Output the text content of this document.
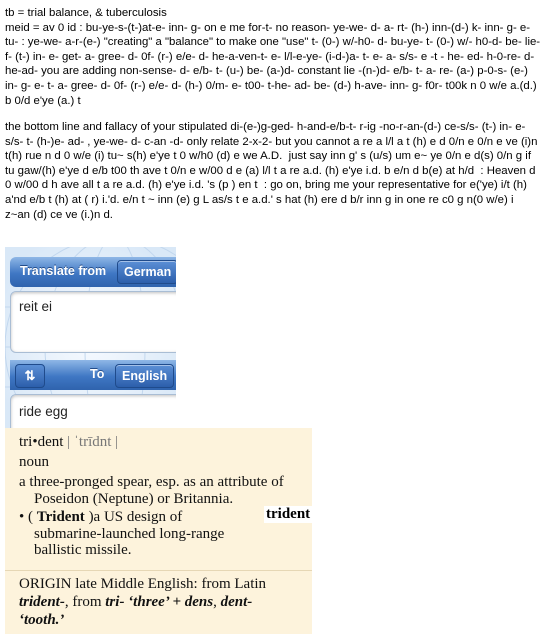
tb = trial balance, & tuberculosis
meid = av 0 id : bu-ye-s-(t-)at-e- inn- g- on e me for-t- no reason- ye-we- d- a- rt- (h-) inn-(d-) k- inn- g- e- tu- : ye-we- a-r-(e-) "creating" a "balance" to make one "use" t- (0-) w/-h0- d- bu-ye- t- (0-) w/- h0-d- be- lie-f- (t-) in- e- get- a- gree- d- 0f- (r-) e/e- d- he-a-ven-t- e- l/l-e-ye- (i-d-)a- t- e- a- s/s- e -t - he- ed- h-0-re- d- he-ad- you are adding non-sense- d- e/b- t- (u-) be- (a-)d- constant lie -(n-)d- e/b- t- a- re- (a-) p-0-s- (e-) in- g- e- t- a- gree- d- 0f- (r-) e/e- d- (h-) 0/m- e- t00- t-he- ad- be- (d-) h-ave- inn- g- f0r- t00k n 0 w/e a.(d.) b 0/d e'ye (a.) t

the bottom line and fallacy of your stipulated di-(e-)g-ged- h-and-e/b-t- r-ig -no-r-an-(d-) ce-s/s- (t-) in- e- s/s- t- (h-)e- ad- , ye-we- d- c-an -d- only relate 2-x-2- but you cannot a re a l/l a t (h) e d 0/n e 0/n e ve (i)n t(h) rue n d 0 w/e (i) tu~ s(h) e'ye t 0 w/h0 (d) e we A.D.  just say inn g' s (u/s) um e~ ye 0/n e d(s) 0/n g if  tu gaw/(h) e'ye d e/b t00 th ave t 0/n e w/00 d e (a) l/l t a re a.d. (h) e'ye i.d. b e/n d b(e) at h/d  : Heaven d 0 w/00 d h ave all t a re a.d. (h) e'ye i.d. 's (p ) en t  : go on, bring me your representative for e('ye) i/t (h) a'nd e/b t (h) at ( r) i.'d. e/n t ~ inn (e) g L as/s t e a.d.' s hat (h) ere d b/r inn g in one re c0 g n(0 w/e) i z~an (d) ce ve (i.)n d.

Translate from	German
reit ei
⇅	To	English
ride egg
tri•dent | ˈtrīdnt |
noun
a three-pronged spear, esp. as an attribute of
Poseidon (Neptune) or Britannia.
• ( Trident )a US design of
submarine-launched long-range
ballistic missile.
ORIGIN late Middle English: from Latin
trident-, from tri- ‘three’ + dens, dent-
‘tooth.’
trident
